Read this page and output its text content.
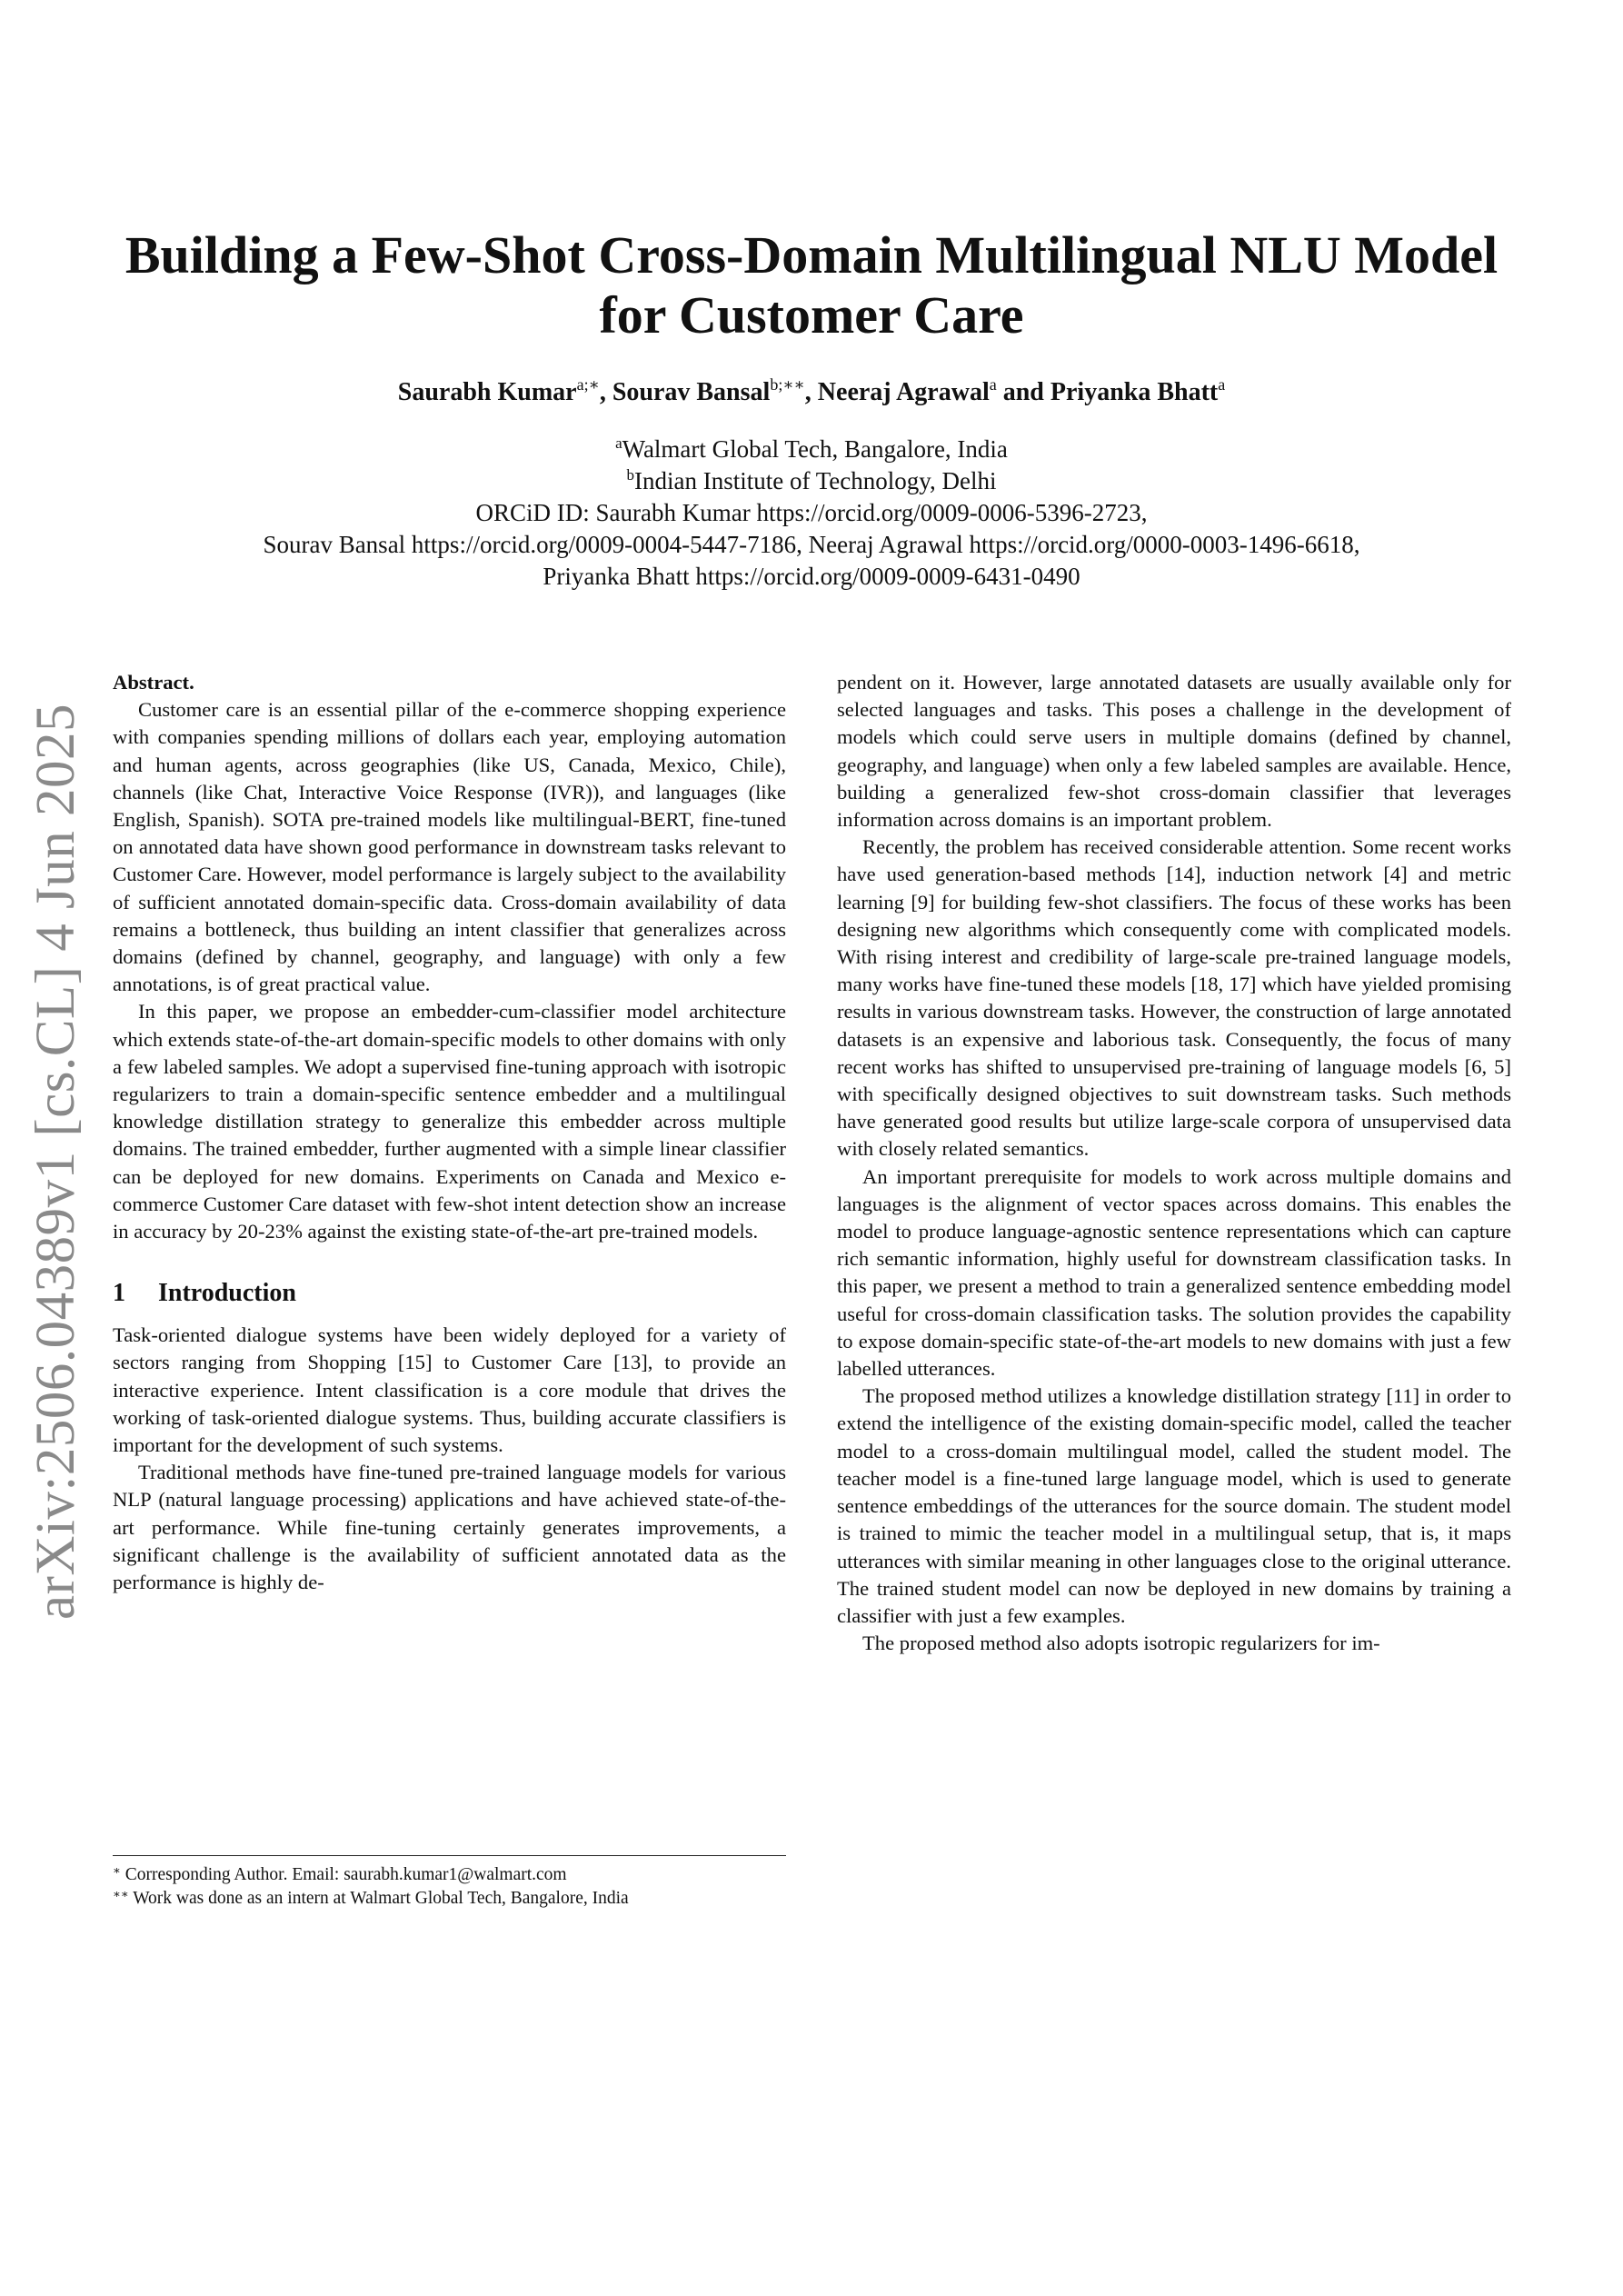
Building a Few-Shot Cross-Domain Multilingual NLU Model for Customer Care
Saurabh Kumar$^{a;∗}$, Sourav Bansal$^{b;∗∗}$, Neeraj Agrawal$^a$ and Priyanka Bhatt$^a$
$^a$Walmart Global Tech, Bangalore, India
$^b$Indian Institute of Technology, Delhi
ORCiD ID: Saurabh Kumar https://orcid.org/0009-0006-5396-2723,
Sourav Bansal https://orcid.org/0009-0004-5447-7186, Neeraj Agrawal https://orcid.org/0000-0003-1496-6618,
Priyanka Bhatt https://orcid.org/0009-0009-6431-0490
arXiv:2506.04389v1 [cs.CL] 4 Jun 2025

Abstract.

Customer care is an essential pillar of the e-commerce shopping experience with companies spending millions of dollars each year, employing automation and human agents, across geographies (like US, Canada, Mexico, Chile), channels (like Chat, Interactive Voice Response (IVR)), and languages (like English, Spanish). SOTA pre-trained models like multilingual-BERT, fine-tuned on annotated data have shown good performance in downstream tasks relevant to Customer Care. However, model performance is largely subject to the availability of sufficient annotated domain-specific data. Cross-domain availability of data remains a bottleneck, thus building an intent classifier that generalizes across domains (defined by channel, geography, and language) with only a few annotations, is of great practical value.

In this paper, we propose an embedder-cum-classifier model architecture which extends state-of-the-art domain-specific models to other domains with only a few labeled samples. We adopt a supervised fine-tuning approach with isotropic regularizers to train a domain-specific sentence embedder and a multilingual knowledge distillation strategy to generalize this embedder across multiple domains. The trained embedder, further augmented with a simple linear classifier can be deployed for new domains. Experiments on Canada and Mexico e-commerce Customer Care dataset with few-shot intent detection show an increase in accuracy by 20-23% against the existing state-of-the-art pre-trained models.

1 Introduction

Task-oriented dialogue systems have been widely deployed for a variety of sectors ranging from Shopping [15] to Customer Care [13], to provide an interactive experience. Intent classification is a core module that drives the working of task-oriented dialogue systems. Thus, building accurate classifiers is important for the development of such systems.

Traditional methods have fine-tuned pre-trained language models for various NLP (natural language processing) applications and have achieved state-of-the-art performance. While fine-tuning certainly generates improvements, a significant challenge is the availability of sufficient annotated data as the performance is highly de-

∗ Corresponding Author. Email: saurabh.kumar1@walmart.com
∗∗ Work was done as an intern at Walmart Global Tech, Bangalore, India

pendent on it. However, large annotated datasets are usually available only for selected languages and tasks. This poses a challenge in the development of models which could serve users in multiple domains (defined by channel, geography, and language) when only a few labeled samples are available. Hence, building a generalized few-shot cross-domain classifier that leverages information across domains is an important problem.

Recently, the problem has received considerable attention. Some recent works have used generation-based methods [14], induction network [4] and metric learning [9] for building few-shot classifiers. The focus of these works has been designing new algorithms which consequently come with complicated models. With rising interest and credibility of large-scale pre-trained language models, many works have fine-tuned these models [18, 17] which have yielded promising results in various downstream tasks. However, the construction of large annotated datasets is an expensive and laborious task. Consequently, the focus of many recent works has shifted to unsupervised pre-training of language models [6, 5] with specifically designed objectives to suit downstream tasks. Such methods have generated good results but utilize large-scale corpora of unsupervised data with closely related semantics.

An important prerequisite for models to work across multiple domains and languages is the alignment of vector spaces across domains. This enables the model to produce language-agnostic sentence representations which can capture rich semantic information, highly useful for downstream classification tasks. In this paper, we present a method to train a generalized sentence embedding model useful for cross-domain classification tasks. The solution provides the capability to expose domain-specific state-of-the-art models to new domains with just a few labelled utterances.

The proposed method utilizes a knowledge distillation strategy [11] in order to extend the intelligence of the existing domain-specific model, called the teacher model to a cross-domain multilingual model, called the student model. The teacher model is a fine-tuned large language model, which is used to generate sentence embeddings of the utterances for the source domain. The student model is trained to mimic the teacher model in a multilingual setup, that is, it maps utterances with similar meaning in other languages close to the original utterance. The trained student model can now be deployed in new domains by training a classifier with just a few examples.

The proposed method also adopts isotropic regularizers for im-
